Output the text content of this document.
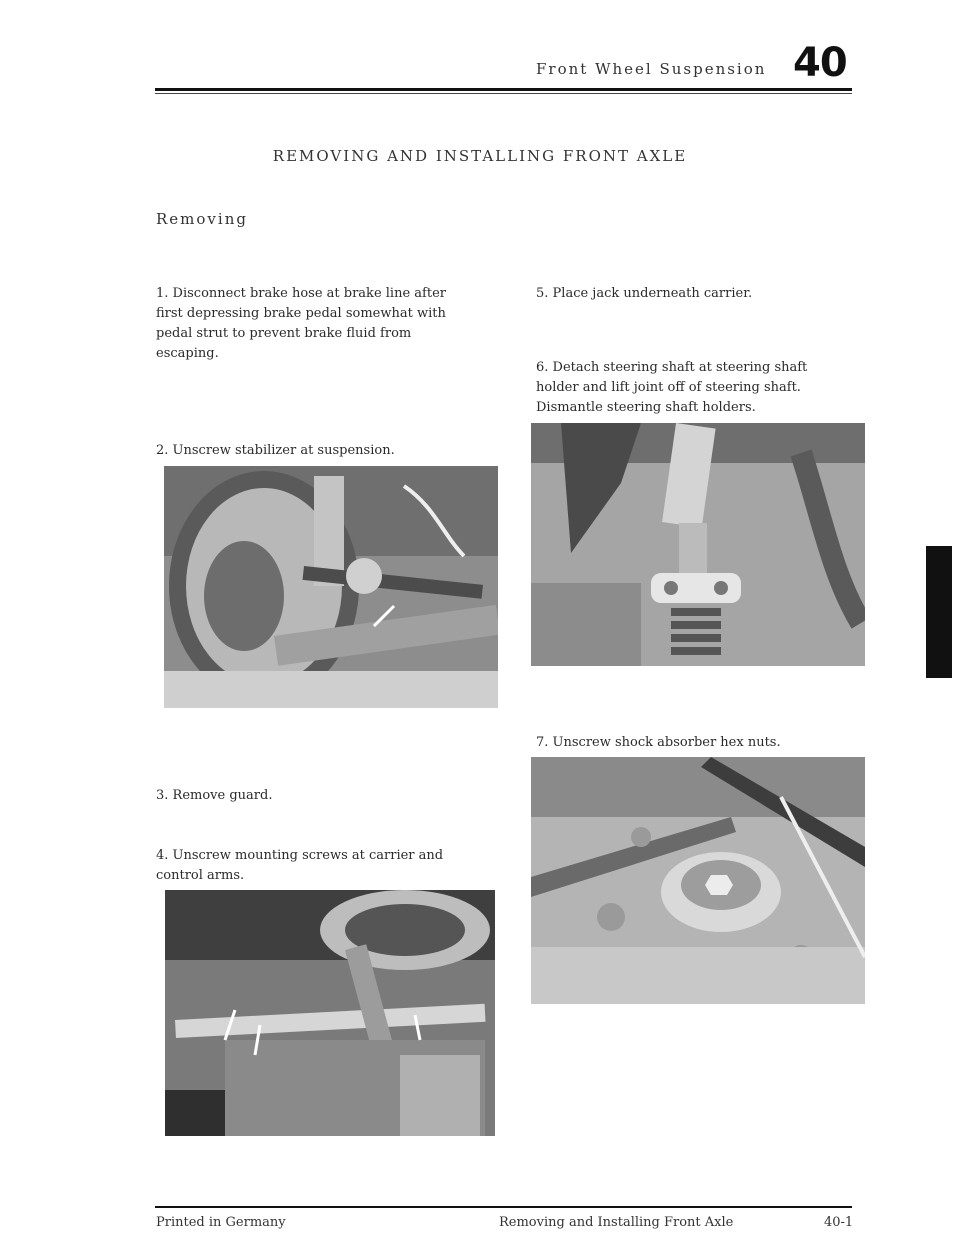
Front Wheel Suspension 40
REMOVING AND INSTALLING FRONT AXLE
Removing
1. Disconnect brake hose at brake line after first depressing brake pedal somewhat with pedal strut to prevent brake fluid from escaping.
2. Unscrew stabilizer at suspension.
3. Remove guard.
4. Unscrew mounting screws at carrier and control arms.
5. Place jack underneath carrier.
6. Detach steering shaft at steering shaft holder and lift joint off of steering shaft. Dismantle steering shaft holders.
7. Unscrew shock absorber hex nuts.
Printed in Germany	Removing and Installing Front Axle	40-1
